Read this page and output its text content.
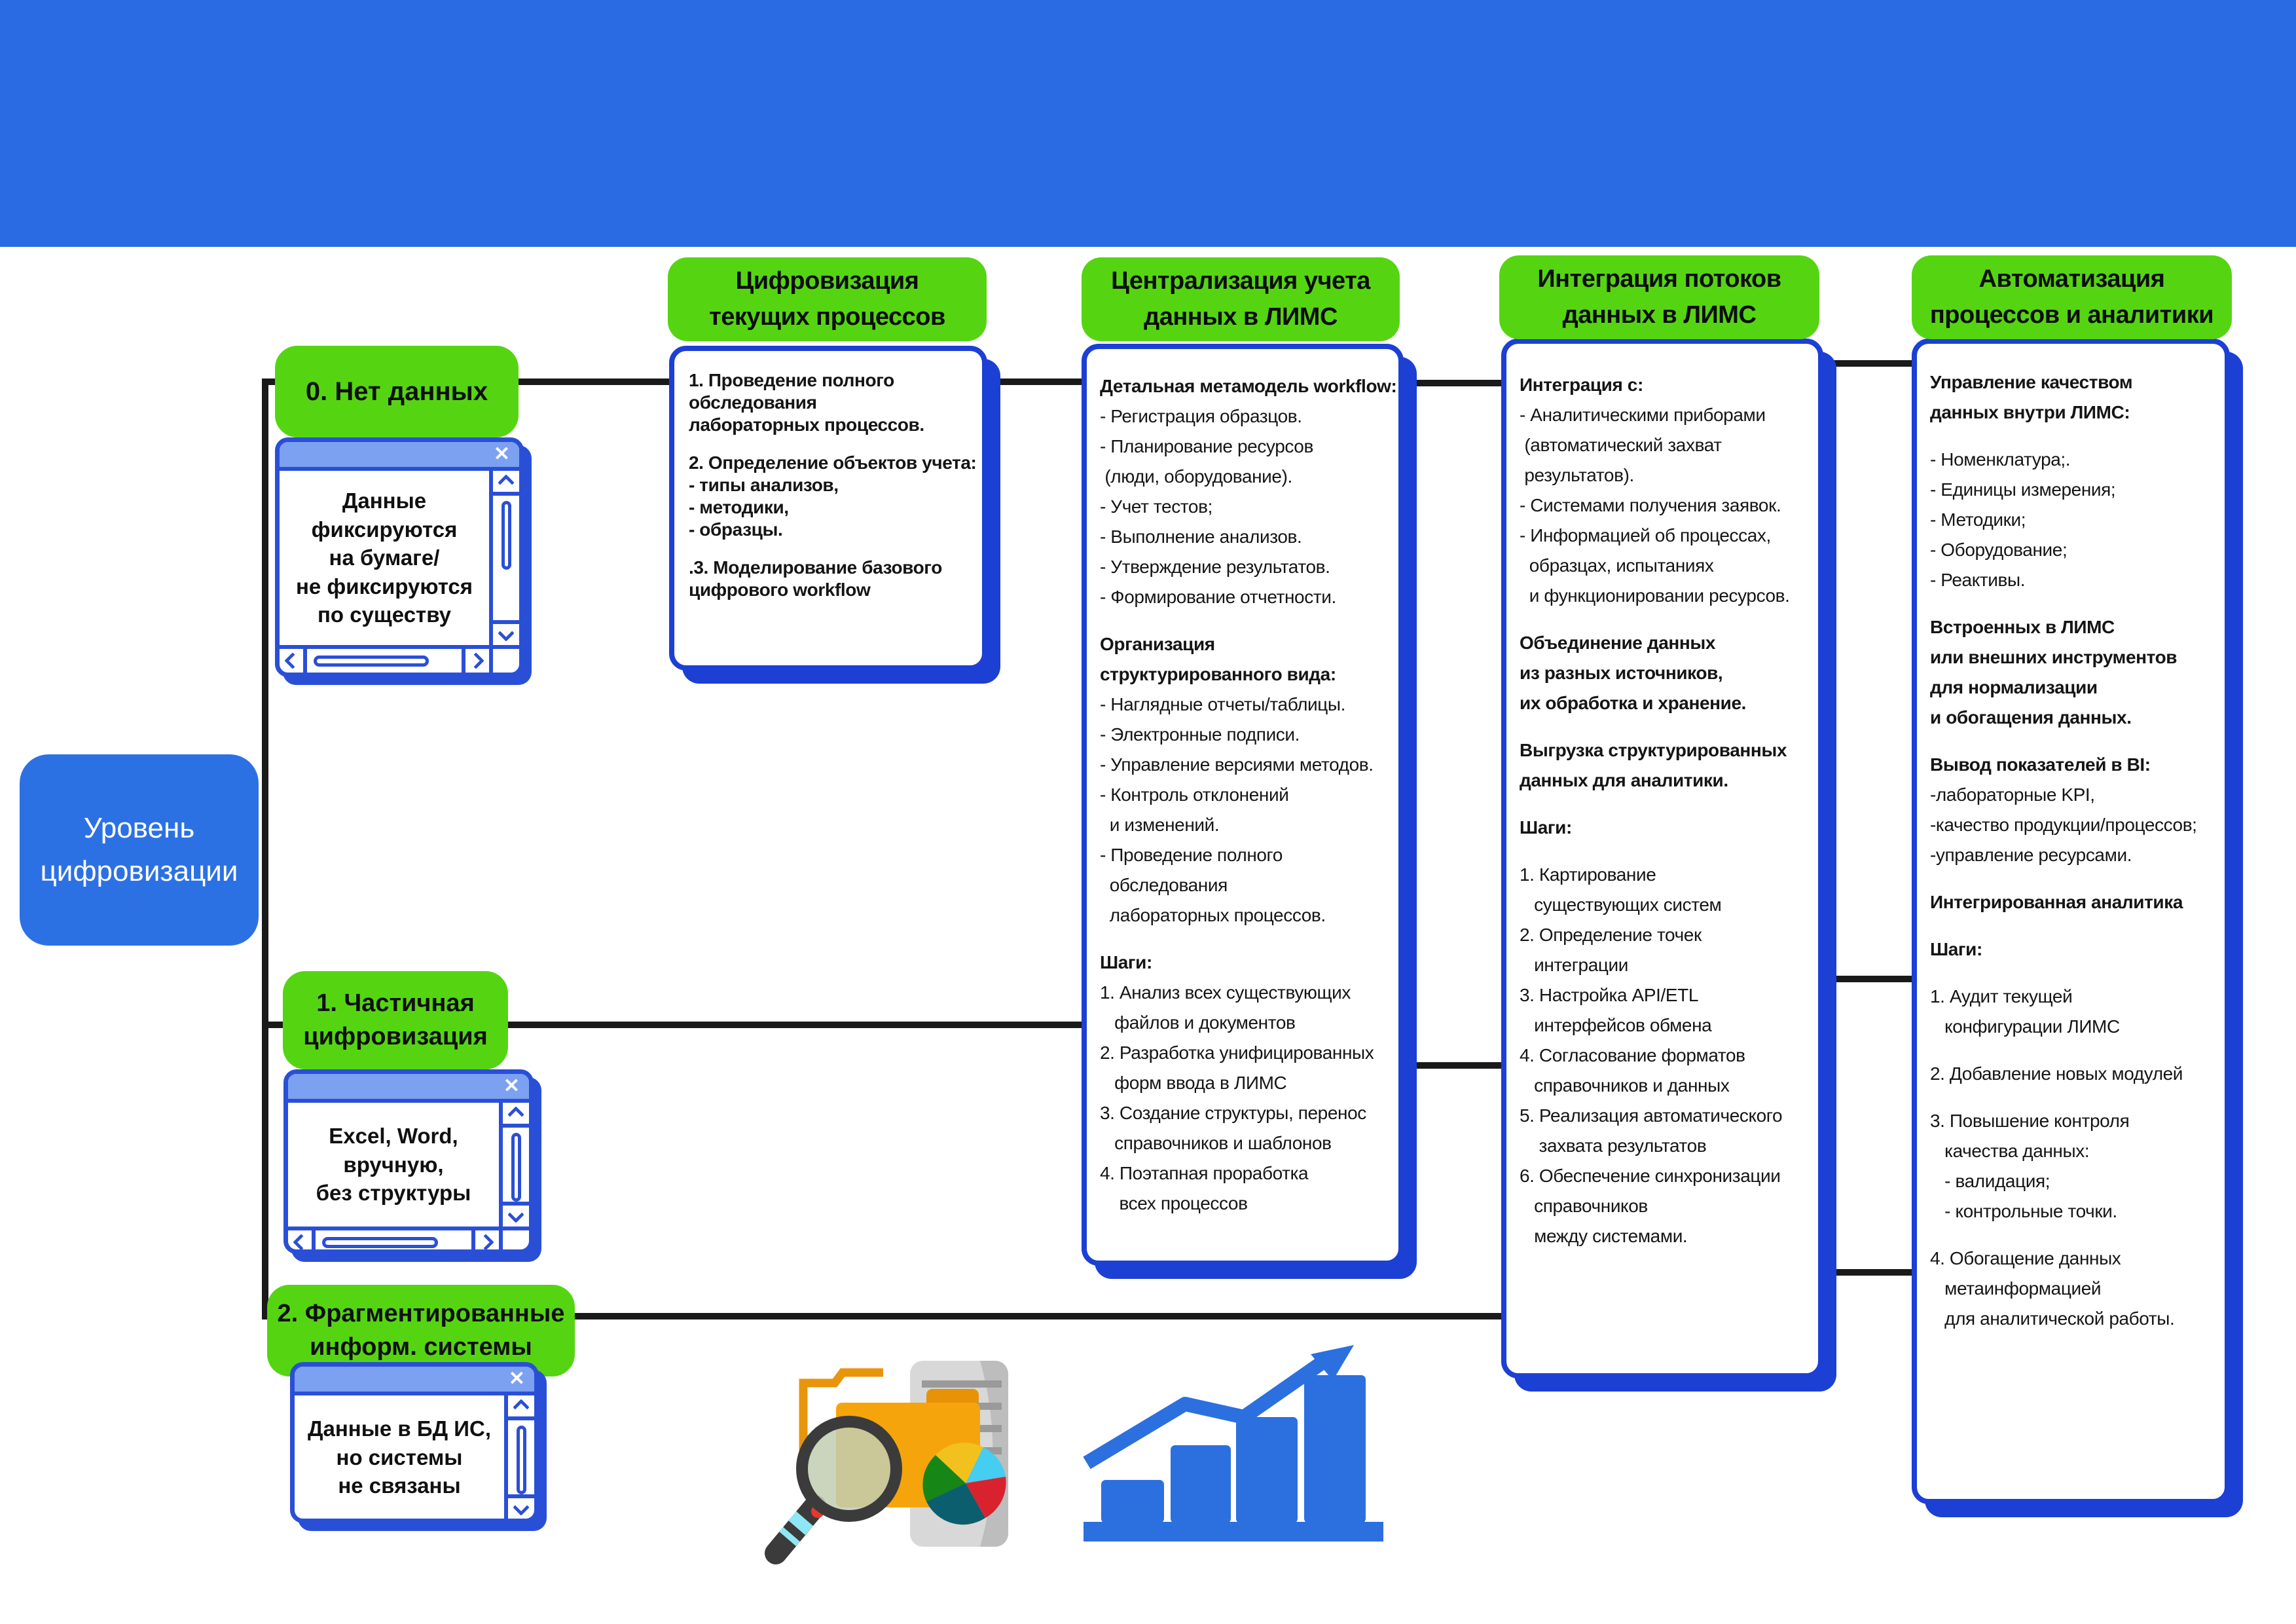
Уровень
цифровизации
0. Нет данных
1. Частичная
цифровизация
2. Фрагментированные
информ. системы
✕
Данные фиксируются
на бумаге/
не фиксируются
по существу
✕
Excel, Word,
вручную,
без структуры
✕
Данные в БД ИС,
но системы
не связаны
Цифровизация
текущих процессов
Централизация учета
данных в ЛИМС
Интеграция потоков
данных в ЛИМС
Автоматизация
процессов и аналитики
1. Проведение полного
обследования
лабораторных процессов.
2. Определение объектов учета:
- типы анализов,
- методики,
- образцы.
.3. Моделирование базового
цифрового workflow
Детальная метамодель workflow:
- Регистрация образцов.
- Планирование ресурсов
(люди, оборудование).
- Учет тестов;
- Выполнение анализов.
- Утверждение результатов.
- Формирование отчетности.
Организация
структурированного вида:
- Наглядные отчеты/таблицы.
- Электронные подписи.
- Управление версиями методов.
- Контроль отклонений
и изменений.
- Проведение полного
обследования
лабораторных процессов.
Шаги:
1. Анализ всех существующих
файлов и документов
2. Разработка унифицированных
форм ввода в ЛИМС
3. Создание структуры, перенос
справочников и шаблонов
4. Поэтапная проработка
всех процессов
Интеграция с:
- Аналитическими приборами
(автоматический захват
результатов).
- Системами получения заявок.
- Информацией об процессах,
образцах, испытаниях
и функционировании ресурсов.
Объединение данных
из разных источников,
их обработка и хранение.
Выгрузка структурированных
данных для аналитики.
Шаги:
1. Картирование
существующих систем
2. Определение точек
интеграции
3. Настройка API/ETL
интерфейсов обмена
4. Согласование форматов
справочников и данных
5. Реализация автоматического
захвата результатов
6. Обеспечение синхронизации
справочников
между системами.
Управление качеством
данных внутри ЛИМС:
- Номенклатура;.
- Единицы измерения;
- Методики;
- Оборудование;
- Реактивы.
Встроенных в ЛИМС
или внешних инструментов
для нормализации
и обогащения данных.
Вывод показателей в BI:
-лабораторные KPI,
-качество продукции/процессов;
-управление ресурсами.
Интегрированная аналитика
Шаги:
1. Аудит текущей
конфигурации ЛИМС
2. Добавление новых модулей
3. Повышение контроля
качества данных:
- валидация;
- контрольные точки.
4. Обогащение данных
метаинформацией
для аналитической работы.
